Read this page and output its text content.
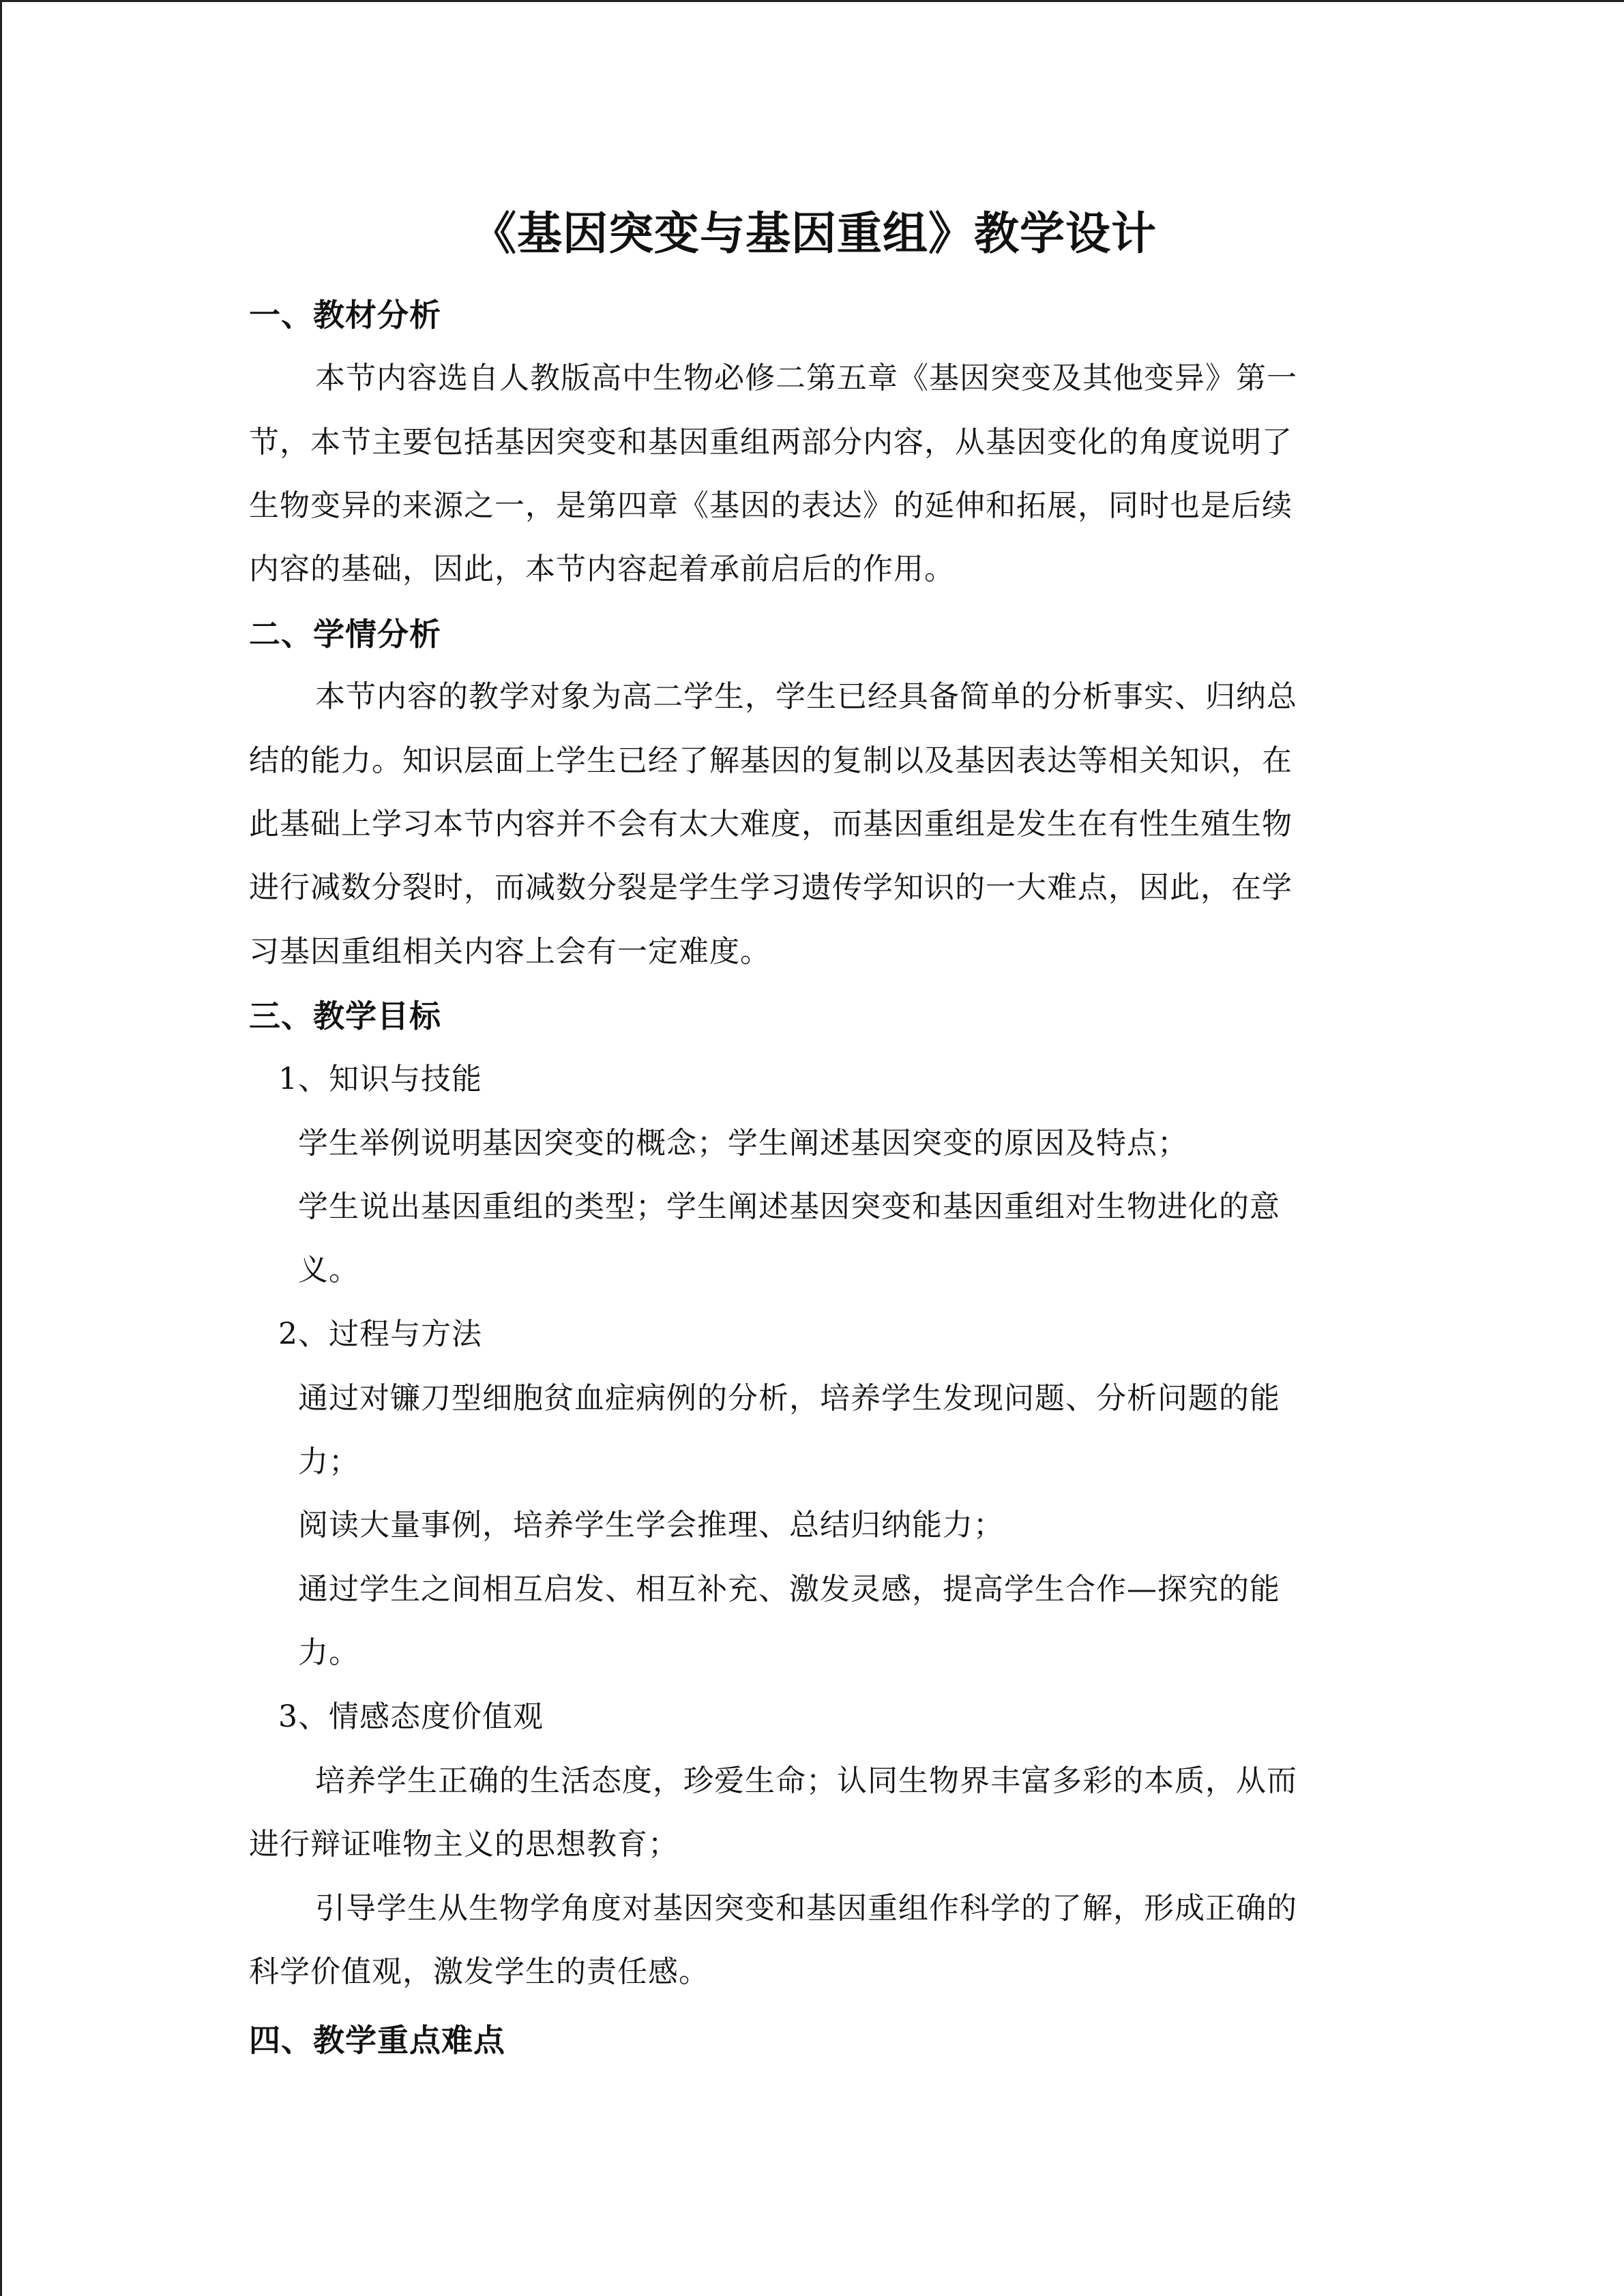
《基因突变与基因重组》教学设计
一、教材分析
本节内容选自人教版高中生物必修二第五章《基因突变及其他变异》第一
节，本节主要包括基因突变和基因重组两部分内容，从基因变化的角度说明了
生物变异的来源之一，是第四章《基因的表达》的延伸和拓展，同时也是后续
内容的基础，因此，本节内容起着承前启后的作用。
二、学情分析
本节内容的教学对象为高二学生，学生已经具备简单的分析事实、归纳总
结的能力。知识层面上学生已经了解基因的复制以及基因表达等相关知识，在
此基础上学习本节内容并不会有太大难度，而基因重组是发生在有性生殖生物
进行减数分裂时，而减数分裂是学生学习遗传学知识的一大难点，因此，在学
习基因重组相关内容上会有一定难度。
三、教学目标
1、知识与技能
学生举例说明基因突变的概念；学生阐述基因突变的原因及特点；
学生说出基因重组的类型；学生阐述基因突变和基因重组对生物进化的意
义。
2、过程与方法
通过对镰刀型细胞贫血症病例的分析，培养学生发现问题、分析问题的能
力；
阅读大量事例，培养学生学会推理、总结归纳能力；
通过学生之间相互启发、相互补充、激发灵感，提高学生合作—探究的能
力。
3、情感态度价值观
培养学生正确的生活态度，珍爱生命；认同生物界丰富多彩的本质，从而
进行辩证唯物主义的思想教育；
引导学生从生物学角度对基因突变和基因重组作科学的了解，形成正确的
科学价值观，激发学生的责任感。
四、教学重点难点
